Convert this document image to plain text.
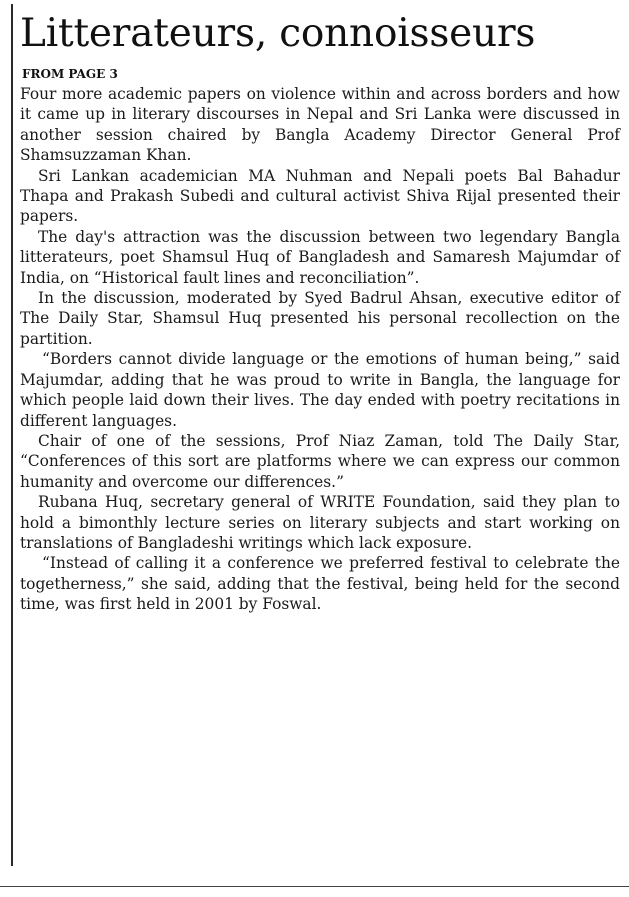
Litterateurs, connoisseurs
FROM PAGE 3

Four more academic papers on violence within and across borders and how it came up in literary discourses in Nepal and Sri Lanka were discussed in another session chaired by Bangla Academy Director General Prof Shamsuzzaman Khan.

Sri Lankan academician MA Nuhman and Nepali poets Bal Bahadur Thapa and Prakash Subedi and cultural activist Shiva Rijal presented their papers.

The day's attraction was the discussion between two legendary Bangla litterateurs, poet Shamsul Huq of Bangladesh and Samaresh Majumdar of India, on “Historical fault lines and reconciliation”.

In the discussion, moderated by Syed Badrul Ahsan, executive editor of The Daily Star, Shamsul Huq presented his personal recollection on the partition.

“Borders cannot divide language or the emotions of human being,” said Majumdar, adding that he was proud to write in Bangla, the language for which people laid down their lives. The day ended with poetry recitations in different languages.

Chair of one of the sessions, Prof Niaz Zaman, told The Daily Star, “Conferences of this sort are platforms where we can express our common humanity and overcome our differences.”

Rubana Huq, secretary general of WRITE Foundation, said they plan to hold a bimonthly lecture series on literary subjects and start working on translations of Bangladeshi writings which lack exposure.

“Instead of calling it a conference we preferred festival to celebrate the togetherness,” she said, adding that the festival, being held for the second time, was first held in 2001 by Foswal.
